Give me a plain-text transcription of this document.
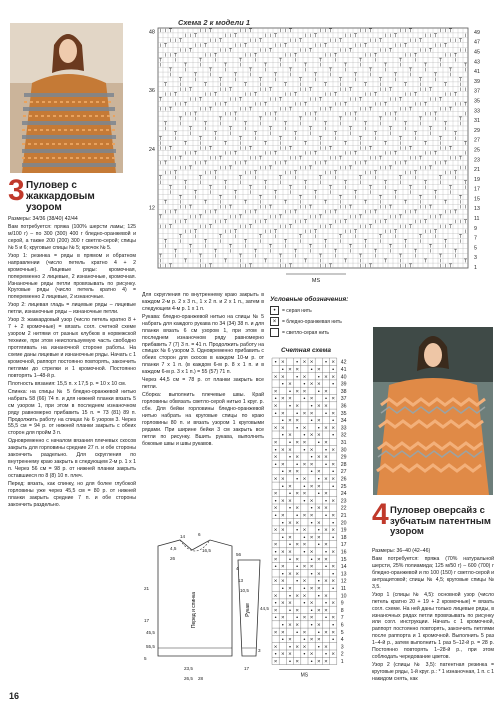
3 Пуловер с жаккардовым узором

Размеры: 34/36 (38/40) 42/44

Вам потребуется: пряжа (100% шерсти ламы; 125 м/100 г) – по 300 (300) 400 г бледно-оранжевой и серой, а также 200 (200) 300 г светло-серой; спицы № 5 и 6; круговые спицы № 5; крючок № 5.

Узор 1: резинка = ряды в прямом и обратном направлении (число петель кратно 4 + 2 кромочные). Лицевые ряды: кромочная, попеременно 2 лицевые, 2 изнаночные, кромочная. Изнаночные ряды петли провязывать по рисунку. Круговые ряды (число петель кратно 4) = попеременно 2 лицевые, 2 изнаночные.

Узор 2: лицевая гладь = лицевые ряды – лицевые петли, изнаночные ряды – изнаночные петли.

Узор 3: жаккардовый узор (число петель кратно 8 + 7 + 2 кромочные) = вязать согл. счетной схеме узором 2 нитями от разных клубков в норвежской технике, при этом неиспользуемую часть свободно протягивать на изнаночной стороне работы. На схеме даны лицевые и изнаночные ряды. Начать с 1 кромочной, раппорт постоянно повторять, закончить петлями до стрелки и 1 кромочной. Постоянно повторять 1–48-й р.

Плотность вязания: 15,5 п. х 17,5 р. = 10 х 10 см.

Спинка: на спицы № 5 бледно-оранжевой нитью набрать 58 (66) 74 п. и для нижней планки вязать 5 см узором 1, при этом в последнем изнаночном ряду равномерно прибавить 15 п. = 73 (81) 89 п. Продолжить работу на спицах № 6 узором 3. Через 55,5 см = 94 р. от нижней планки закрыть с обеих сторон для пройм 3 п.

Одновременно с началом вязания плечевых скосов закрыть для горловины средние 27 п. и обе стороны закончить раздельно. Для скругления по внутреннему краю закрыть в следующем 2-м р. 1 х 1 п. Через 56 см = 98 р. от нижней планки закрыть оставшиеся по 8 (8) 10 п. плеч.

Перед: вязать, как спинку, но для более глубокой горловины уже через 45,5 см = 80 р. от нижней планки закрыть средние 7 п. и обе стороны закончить раздельно.

Схема 2 к модели 1
49
47
45
43
41
39
37
35
33
31
29
27
25
23
21
19
17
15
13
11
9
7
5
3
1
48
36
24
12
МS

Для скругления по внутреннему краю закрыть в каждом 2-м р. 2 х 3 п., 1 х 2 п. и 2 х 1 п., затем в следующем 4-м р. 1 х 1 п.

Рукава: бледно-оранжевой нитью на спицы № 5 набрать для каждого рукава по 34 (34) 38 п. и для планки вязать 6 см узором 1, при этом в последнем изнаночном ряду равномерно прибавить 7 (7) 3 п. = 41 п. Продолжить работу на спицах № 6 узором 3. Одновременно прибавить с обеих сторон для скосов в каждом 10-м р. от планки 7 х 1 п. (в каждом 6-м р. 8 х 1 п. и в каждом 6-м р. 3 х 1 п.) = 55 (57) 71 п.

Через 44,5 см = 78 р. от планки закрыть все петли.

Сборка: выполнить плечевые швы. Край горловины обвязать светло-серой нитью 1 круг. р. сбн. Для бейки горловины бледно-оранжевой нитью набрать на круговые спицы по краю горловины 80 п. и вязать узором 1 круговыми рядами. При ширине бейки 3 см закрыть все петли по рисунку. Вшить рукава, выполнить боковые швы и швы рукавов.

Перед и спинка	Рукав
14
4,5
6
16,5
26
21
17
45,5
55,5
5
56
4
13
10,5
23,5
26,5 28
44,5
17
3
Условные обозначения:
•	= серая нить
×	= бледно-оранжевая нить
= светло-серая нить
Счетная схема
• × • × × • ×
• × × • × •
× × • × • × ×
• × • × × •
× • × × • ×
• × × • × • ×
× • × • × ×
• × • × × • ×
• × × • × •
× × • × • × ×
• × • × × •
× • × × • ×
• × × • × • ×
× • × • × ×
• × • × × • ×
• × × • × •
× × • × • × ×
• × • × × •
× • × × • ×
• × × • × • ×
× • × • × ×
• × • × × • ×
• × × • × •
× × • × • × ×
• × • × × •
× • × × • ×
• × × • × • ×
× • × • × ×
• × • × × • ×
• × × • × •
× × • × • × ×
• × • × × •
× • × × • ×
• × × • × • ×
× • × • × ×
• × • × × • ×
• × × • × •
× × • × • × ×
• × • × × •
× • × × • ×
• × × • × • ×
× • × • × ×
42
41
40
39
38
37
36
35
34
33
32
31
30
29
28
27
26
25
24
23
22
21
20
19
18
17
16
15
14
13
12
11
10
9
8
7
6
5
4
3
2
1
МS
4 Пуловер оверсайз с зубчатым патентным узором

Размеры: 36–40 (42–46)

Вам потребуется: пряжа (70% натуральной шерсти, 25% полиамида; 125 м/50 г) – 600 (700) г бледно-оранжевой и по 100 (150) г светло-серой и антрацитовой; спицы № 4,5; круговые спицы № 3,5.

Узор 1 (спицы № 4,5): основной узор (число петель кратно 20 + 19 + 2 кромочные) = вязать согл. схеме. На ней даны только лицевые ряды, в изнаночных рядах петли провязывать по рисунку или согл. инструкции. Начать с 1 кромочной, раппорт постоянно повторять, закончить петлями после раппорта и 1 кромочной. Выполнить 5 раз 1–4-й р., затем выполнить 1 раз 5–12-й р. = 28 р. Постоянно повторять 1–28-й р., при этом соблюдать чередование цветов.

Узор 2 (спицы № 3,5): патентная резинка = круговые ряды, 1-й круг. р.: * 1 изнаночная, 1 п. с 1 накидом снять, как

16
